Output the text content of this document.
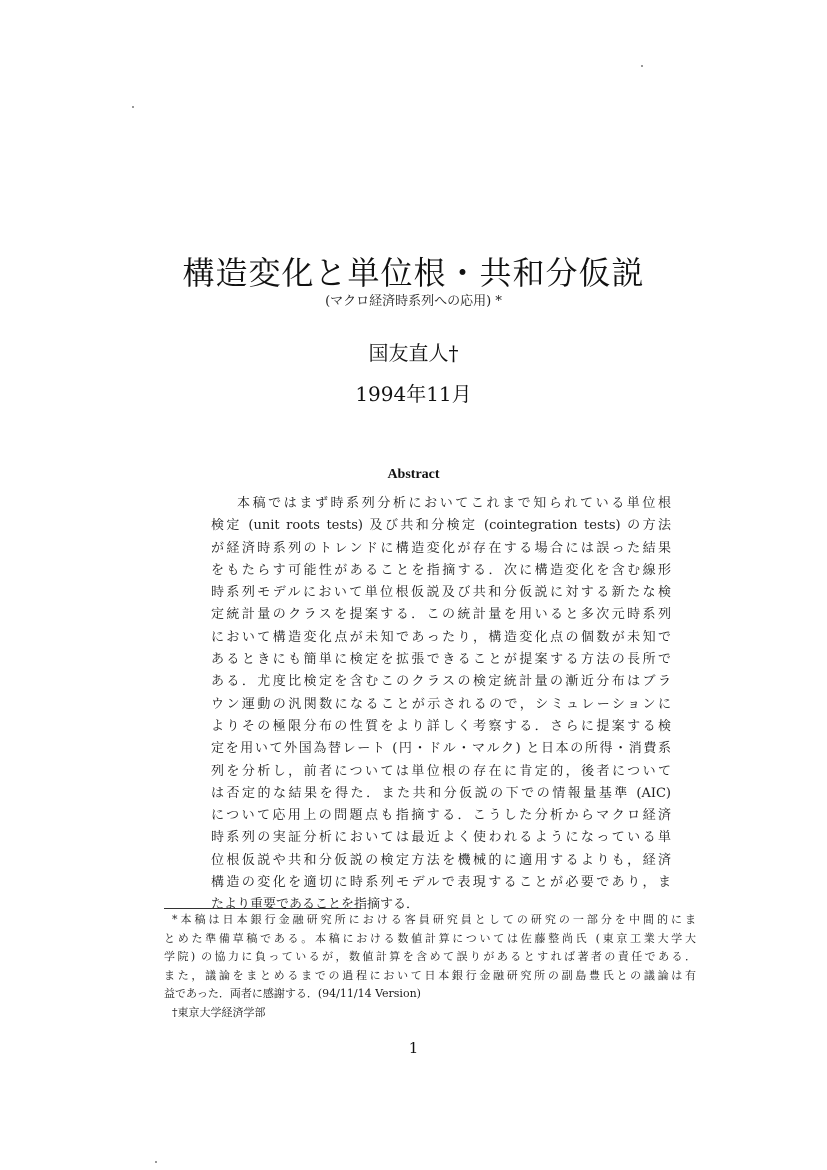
構造変化と単位根・共和分仮説
(マクロ経済時系列への応用) *
国友直人†
1994年11月
Abstract
本稿ではまず時系列分析においてこれまで知られている単位根
検定 (unit roots tests) 及び共和分検定 (cointegration tests) の方法
が経済時系列のトレンドに構造変化が存在する場合には誤った結果
をもたらす可能性があることを指摘する．次に構造変化を含む線形
時系列モデルにおいて単位根仮説及び共和分仮説に対する新たな検
定統計量のクラスを提案する．この統計量を用いると多次元時系列
において構造変化点が未知であったり，構造変化点の個数が未知で
あるときにも簡単に検定を拡張できることが提案する方法の長所で
ある．尤度比検定を含むこのクラスの検定統計量の漸近分布はブラ
ウン運動の汎関数になることが示されるので，シミュレーションに
よりその極限分布の性質をより詳しく考察する．さらに提案する検
定を用いて外国為替レート (円・ドル・マルク) と日本の所得・消費系
列を分析し，前者については単位根の存在に肯定的，後者について
は否定的な結果を得た．また共和分仮説の下での情報量基準 (AIC)
について応用上の問題点も指摘する．こうした分析からマクロ経済
時系列の実証分析においては最近よく使われるようになっている単
位根仮説や共和分仮説の検定方法を機械的に適用するよりも，経済
構造の変化を適切に時系列モデルで表現することが必要であり，ま
たより重要であることを指摘する．
*本稿は日本銀行金融研究所における客員研究員としての研究の一部分を中間的にま
とめた準備草稿である。本稿における数値計算については佐藤整尚氏 (東京工業大学大
学院) の協力に負っているが，数値計算を含めて誤りがあるとすれば著者の責任である．
また，議論をまとめるまでの過程において日本銀行金融研究所の副島豊氏との議論は有
益であった．両者に感謝する．(94/11/14 Version)
†東京大学経済学部
1
